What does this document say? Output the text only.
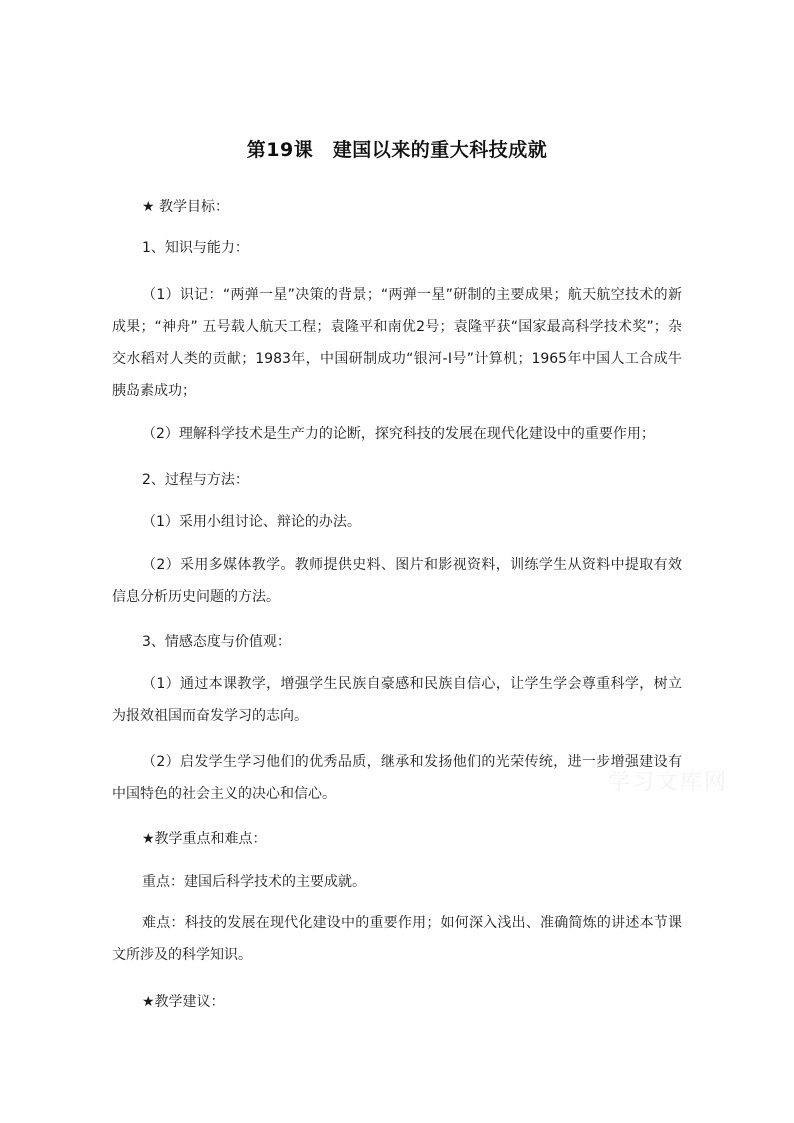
第19课　建国以来的重大科技成就
★ 教学目标：
1、知识与能力：
（1）识记：“两弹一星”决策的背景；“两弹一星”研制的主要成果；航天航空技术的新成果；“神舟” 五号载人航天工程；袁隆平和南优2号；袁隆平获“国家最高科学技术奖”；杂交水稻对人类的贡献；1983年，中国研制成功“银河-Ⅰ号”计算机；1965年中国人工合成牛胰岛素成功；
（2）理解科学技术是生产力的论断，探究科技的发展在现代化建设中的重要作用；
2、过程与方法：
（1）采用小组讨论、辩论的办法。
（2）采用多媒体教学。教师提供史料、图片和影视资料，训练学生从资料中提取有效信息分析历史问题的方法。
3、情感态度与价值观：
（1）通过本课教学，增强学生民族自豪感和民族自信心，让学生学会尊重科学，树立为报效祖国而奋发学习的志向。
（2）启发学生学习他们的优秀品质，继承和发扬他们的光荣传统，进一步增强建设有中国特色的社会主义的决心和信心。
★教学重点和难点：
重点：建国后科学技术的主要成就。
难点：科技的发展在现代化建设中的重要作用；如何深入浅出、准确简炼的讲述本节课文所涉及的科学知识。
★教学建议：
学习文库网
